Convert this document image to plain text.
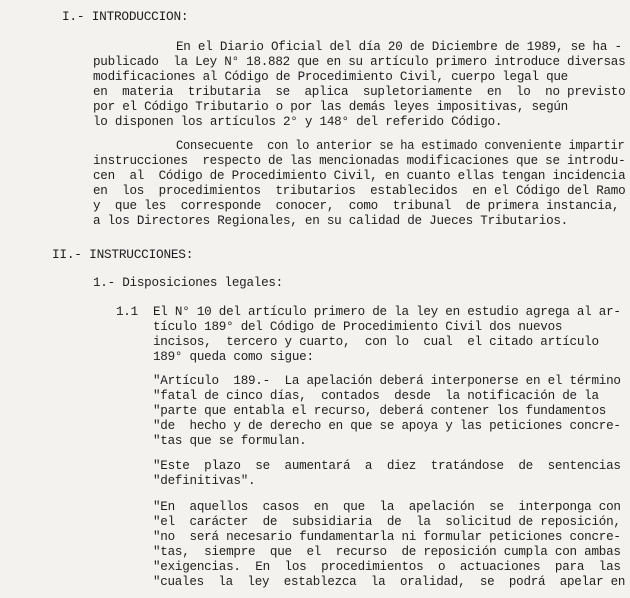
I.- INTRODUCCION:
En el Diario Oficial del día 20 de Diciembre de 1989, se ha -
publicado  la Ley N° 18.882 que en su artículo primero introduce diversas
modificaciones al Código de Procedimiento Civil, cuerpo legal que
en  materia  tributaria  se  aplica  supletoriamente  en  lo  no previsto
por el Código Tributario o por las demás leyes impositivas, según
lo disponen los artículos 2° y 148° del referido Código.
Consecuente  con lo anterior se ha estimado conveniente impartir
instrucciones  respecto de las mencionadas modificaciones que se introdu-
cen  al  Código de Procedimiento Civil, en cuanto ellas tengan incidencia
en  los  procedimientos  tributarios  establecidos  en el Código del Ramo
y  que les  corresponde  conocer,  como  tribunal  de primera instancia,
a los Directores Regionales, en su calidad de Jueces Tributarios.
II.- INSTRUCCIONES:
1.- Disposiciones legales:
1.1 El N° 10 del artículo primero de la ley en estudio agrega al ar-
tículo 189° del Código de Procedimiento Civil dos nuevos
incisos,  tercero y cuarto,  con lo  cual  el citado artículo
189° queda como sigue:
"Artículo  189.-  La apelación deberá interponerse en el término
"fatal de cinco días,  contados  desde  la notificación de la
"parte que entabla el recurso, deberá contener los fundamentos
"de  hecho y de derecho en que se apoya y las peticiones concre-
"tas que se formulan.
"Este  plazo  se  aumentará  a  diez  tratándose  de  sentencias
"definitivas".
"En  aquellos  casos  en  que  la  apelación  se  interponga con
"el  carácter  de  subsidiaria  de  la  solicitud de reposición,
"no  será necesario fundamentarla ni formular peticiones concre-
"tas,  siempre  que  el  recurso  de reposición cumpla con ambas
"exigencias.  En  los  procedimientos  o  actuaciones  para  las
"cuales  la  ley  establezca  la  oralidad,  se  podrá  apelar en
